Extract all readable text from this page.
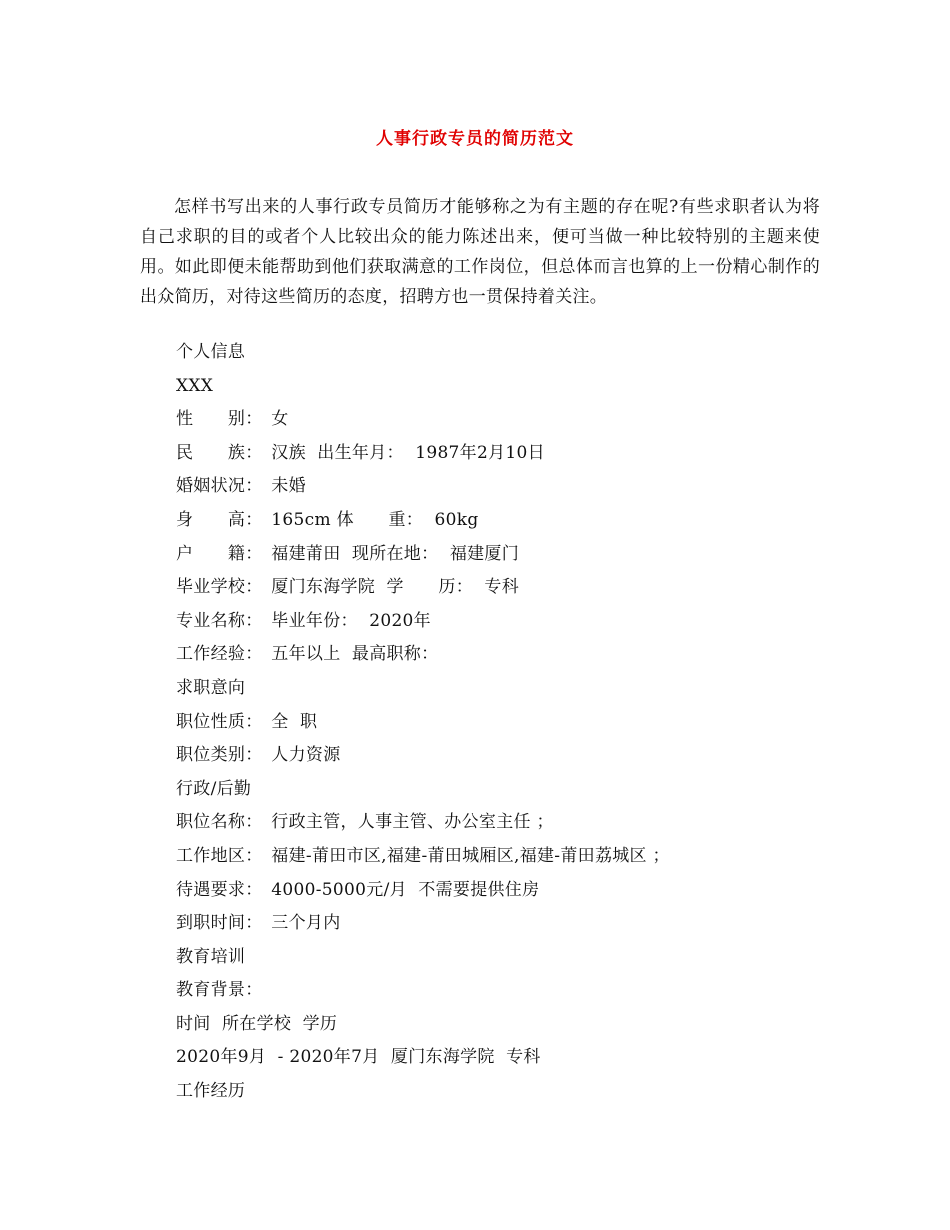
人事行政专员的简历范文
怎样书写出来的人事行政专员简历才能够称之为有主题的存在呢?有些求职者认为将自己求职的目的或者个人比较出众的能力陈述出来，便可当做一种比较特别的主题来使用。如此即便未能帮助到他们获取满意的工作岗位，但总体而言也算的上一份精心制作的出众简历，对待这些简历的态度，招聘方也一贯保持着关注。
个人信息
XXX
性　　别：　女
民　　族：　汉族  出生年月：  1987年2月10日
婚姻状况：　未婚
身　　高：　165cm 体　　重：  60kg
户　　籍：　福建莆田  现所在地：  福建厦门
毕业学校：　厦门东海学院  学　　历：  专科
专业名称：　毕业年份：  2020年
工作经验：　五年以上  最高职称：
求职意向
职位性质：　全  职
职位类别：　人力资源
行政/后勤
职位名称：　行政主管，人事主管、办公室主任 ；
工作地区：　福建-莆田市区,福建-莆田城厢区,福建-莆田荔城区 ；
待遇要求：　4000-5000元/月  不需要提供住房
到职时间：　三个月内
教育培训
教育背景：
时间  所在学校  学历
2020年9月  - 2020年7月  厦门东海学院  专科
工作经历
